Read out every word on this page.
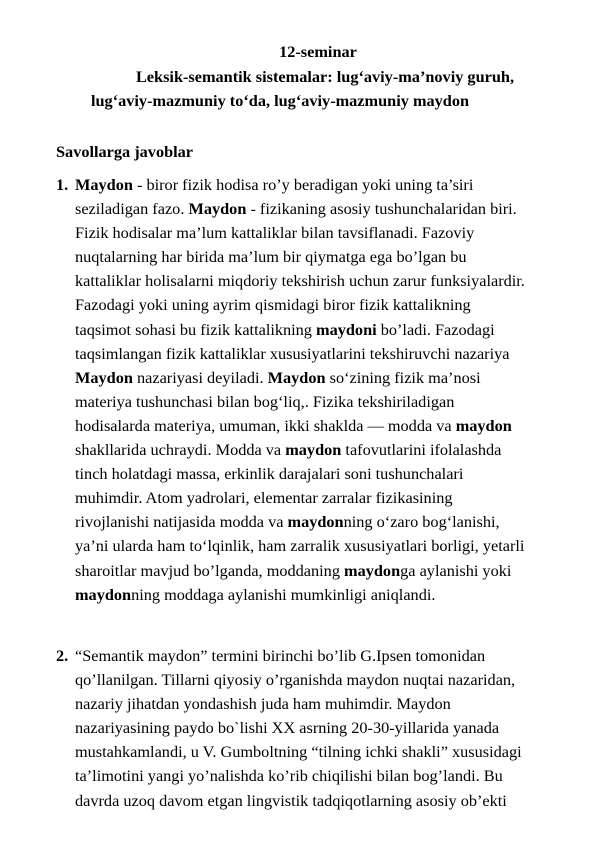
12-seminar
Leksik-semantik sistemalar: lug‘aviy-ma’noviy guruh,
lug‘aviy-mazmuniy to‘da, lug‘aviy-mazmuniy maydon
Savollarga javoblar
1. Maydon - biror fizik hodisa ro’y beradigan yoki uning ta’siri
seziladigan fazo. Maydon - fizikaning asosiy tushunchalaridan biri.
Fizik hodisalar ma’lum kattaliklar bilan tavsiflanadi. Fazoviy
nuqtalarning har birida ma’lum bir qiymatga ega bo’lgan bu
kattaliklar holisalarni miqdoriy tekshirish uchun zarur funksiyalardir.
Fazodagi yoki uning ayrim qismidagi biror fizik kattalikning
taqsimot sohasi bu fizik kattalikning maydoni bo’ladi. Fazodagi
taqsimlangan fizik kattaliklar xususiyatlarini tekshiruvchi nazariya
Maydon nazariyasi deyiladi. Maydon so‘zining fizik ma’nosi
materiya tushunchasi bilan bog‘liq,. Fizika tekshiriladigan
hodisalarda materiya, umuman, ikki shaklda — modda va maydon
shakllarida uchraydi. Modda va maydon tafovutlarini ifolalashda
tinch holatdagi massa, erkinlik darajalari soni tushunchalari
muhimdir. Atom yadrolari, elementar zarralar fizikasining
rivojlanishi natijasida modda va maydonning o‘zaro bog‘lanishi,
ya’ni ularda ham to‘lqinlik, ham zarralik xususiyatlari borligi, yetarli
sharoitlar mavjud bo’lganda, moddaning maydonga aylanishi yoki
maydonning moddaga aylanishi mumkinligi aniqlandi.
2. “Semantik maydon” termini birinchi bo’lib G.Ipsen tomonidan
qo’llanilgan. Tillarni qiyosiy o’rganishda maydon nuqtai nazaridan,
nazariy jihatdan yondashish juda ham muhimdir. Maydon
nazariyasining paydo bo`lishi XX asrning 20-30-yillarida yanada
mustahkamlandi, u V. Gumboltning “tilning ichki shakli” xususidagi
ta’limotini yangi yo’nalishda ko’rib chiqilishi bilan bog’landi. Bu
davrda uzoq davom etgan lingvistik tadqiqotlarning asosiy ob’ekti
